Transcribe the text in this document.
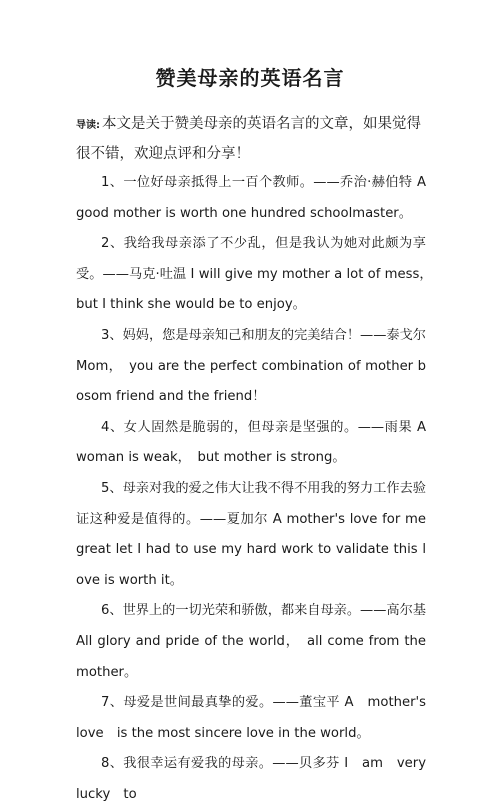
赞美母亲的英语名言
导读: 本文是关于赞美母亲的英语名言的文章，如果觉得很不错，欢迎点评和分享！

1、一位好母亲抵得上一百个教师。——乔治·赫伯特 A　good mother is worth one hundred schoolmaster。

2、我给我母亲添了不少乱，但是我认为她对此颇为享受。——马克·吐温 I will give my mother a lot of mess，　but I think she would be to enjoy。

3、妈妈，您是母亲知己和朋友的完美结合！——泰戈尔 Mom，　you are the perfect combination of mother bosom friend and the friend！

4、女人固然是脆弱的，但母亲是坚强的。——雨果 A woman is weak，　but mother is strong。

5、母亲对我的爱之伟大让我不得不用我的努力工作去验证这种爱是值得的。——夏加尔 A mother's love for me great let I had to use my hard work to validate this love is worth it。

6、世界上的一切光荣和骄傲，都来自母亲。——高尔基 All glory and pride of the world，　all come from the mother。

7、母爱是世间最真挚的爱。——董宝平 A　mother's　love　is the most sincere love in the world。

8、我很幸运有爱我的母亲。——贝多芬 I　am　very　lucky　to
